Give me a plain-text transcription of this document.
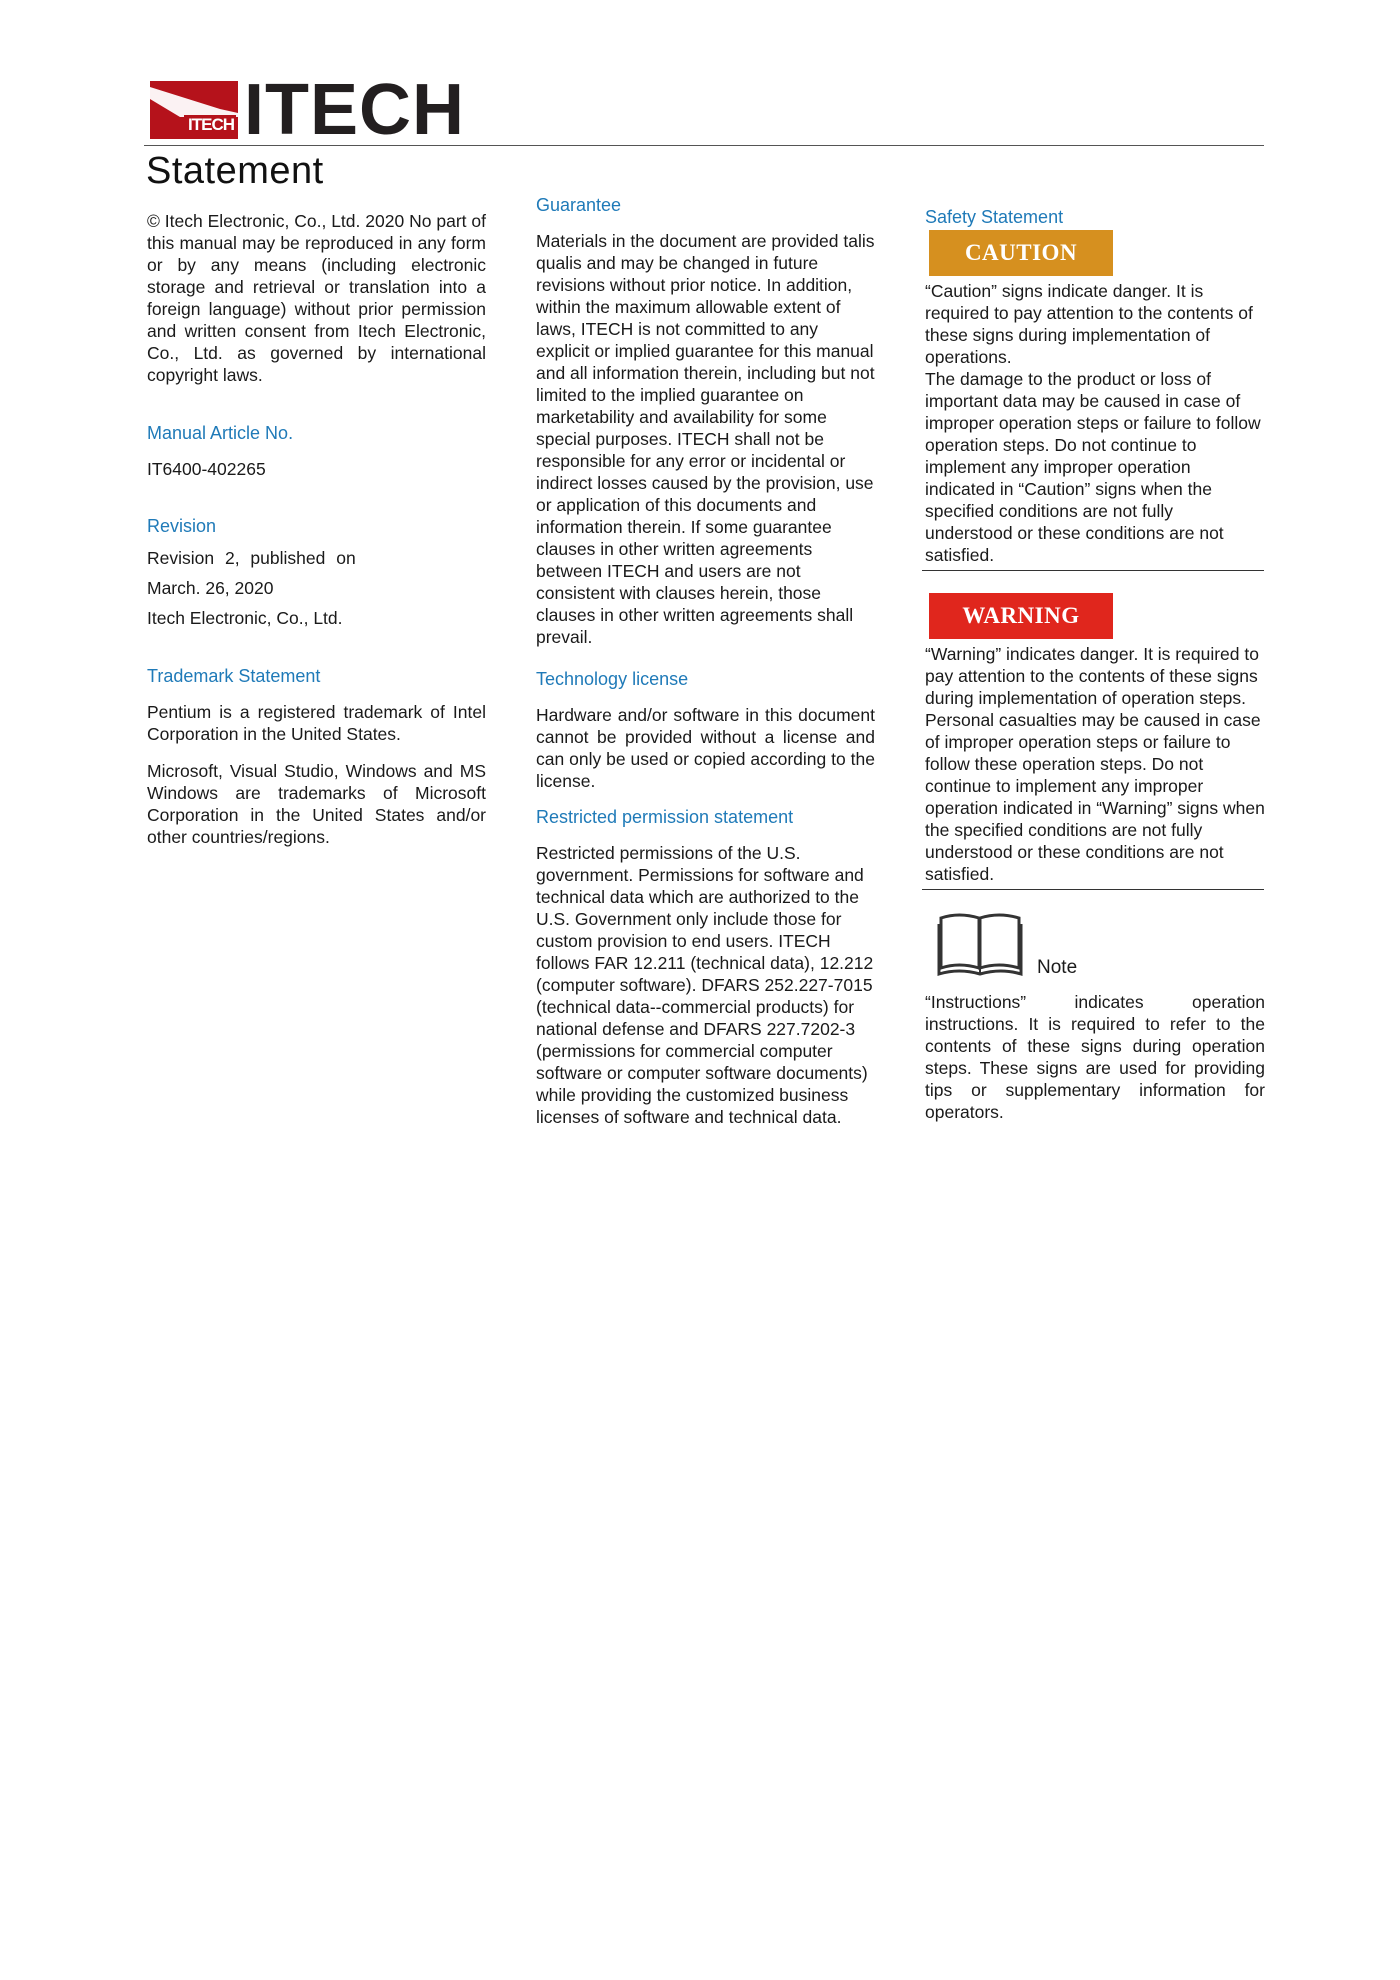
ITECH ITECH
Statement

© Itech Electronic, Co., Ltd. 2020 No part of this manual may be reproduced in any form or by any means (including electronic storage and retrieval or translation into a foreign language) without prior permission and written consent from Itech Electronic, Co., Ltd. as governed by international copyright laws.

Manual Article No.

IT6400-402265

Revision

Revision 2, published on

March. 26, 2020

Itech Electronic, Co., Ltd.

Trademark Statement

Pentium is a registered trademark of Intel Corporation in the United States.

Microsoft, Visual Studio, Windows and MS Windows are trademarks of Microsoft Corporation in the United States and/or other countries/regions.

Guarantee

Materials in the document are provided talis qualis and may be changed in future revisions without prior notice. In addition, within the maximum allowable extent of laws, ITECH is not committed to any explicit or implied guarantee for this manual and all information therein, including but not limited to the implied guarantee on marketability and availability for some special purposes. ITECH shall not be responsible for any error or incidental or indirect losses caused by the provision, use or application of this documents and information therein. If some guarantee clauses in other written agreements between ITECH and users are not consistent with clauses herein, those clauses in other written agreements shall prevail.

Technology license

Hardware and/or software in this document cannot be provided without a license and can only be used or copied according to the license.

Restricted permission statement

Restricted permissions of the U.S. government. Permissions for software and technical data which are authorized to the U.S. Government only include those for custom provision to end users. ITECH follows FAR 12.211 (technical data), 12.212 (computer software). DFARS 252.227-7015 (technical data--commercial products) for national defense and DFARS 227.7202-3 (permissions for commercial computer software or computer software documents) while providing the customized business licenses of software and technical data.

Safety Statement

CAUTION

“Caution” signs indicate danger. It is required to pay attention to the contents of these signs during implementation of operations.

The damage to the product or loss of important data may be caused in case of improper operation steps or failure to follow operation steps. Do not continue to implement any improper operation indicated in “Caution” signs when the specified conditions are not fully understood or these conditions are not satisfied.

WARNING

“Warning” indicates danger. It is required to pay attention to the contents of these signs during implementation of operation steps. Personal casualties may be caused in case of improper operation steps or failure to follow these operation steps. Do not continue to implement any improper operation indicated in “Warning” signs when the specified conditions are not fully understood or these conditions are not satisfied.

Note

“Instructions” indicates operation instructions. It is required to refer to the contents of these signs during operation steps. These signs are used for providing tips or supplementary information for operators.
